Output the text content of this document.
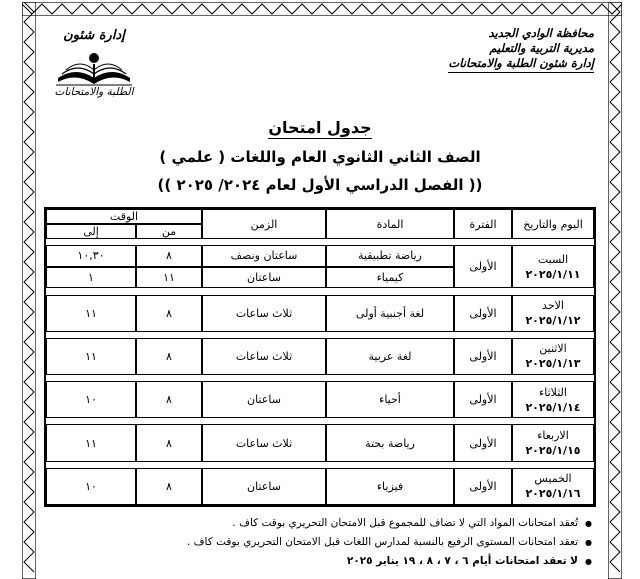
محافظة الوادي الجديد
مديرية التربية والتعليم
إدارة شئون الطلبة والامتحانات
إدارة شئون
الطلبة والامتحانات
جدول امتحان
الصف الثاني الثانوي العام واللغات ( علمي )
(( الفصل الدراسي الأول لعام ٢٠٢٤/ ٢٠٢٥ ))
اليوم والتاريخ	الفترة	المادة	الزمن	الوقت	
				من	إلى

السبت
٢٠٢٥/١/١١	الأولى	رياضة تطبيقية	ساعتان ونصف	٨	١٠,٣٠
		كيمياء	ساعتان	١١	١

الاحد
٢٠٢٥/١/١٢	الأولى	لغة أجنبية أولى	ثلاث ساعات	٨	١١

الاثنين
٢٠٢٥/١/١٣	الأولى	لغة عربية	ثلاث ساعات	٨	١١

الثلاثاء
٢٠٢٥/١/١٤	الأولى	أحياء	ساعتان	٨	١٠

الاربعاء
٢٠٢٥/١/١٥	الأولى	رياضة بحتة	ثلاث ساعات	٨	١١

الخميس
٢٠٢٥/١/١٦	الأولى	فيزياء	ساعتان	٨	١٠
● تُعقد امتحانات المواد التي لا تضاف للمجموع قبل الامتحان التحريري بوقت كاف .
● تعقد امتحانات المستوى الرفيع بالنسبة لمدارس اللغات قبل الامتحان التحريري بوقت كاف .
● لا تعقد امتحانات أيام ٦ ، ٧ ، ٨ ، ١٩ يناير ٢٠٢٥
